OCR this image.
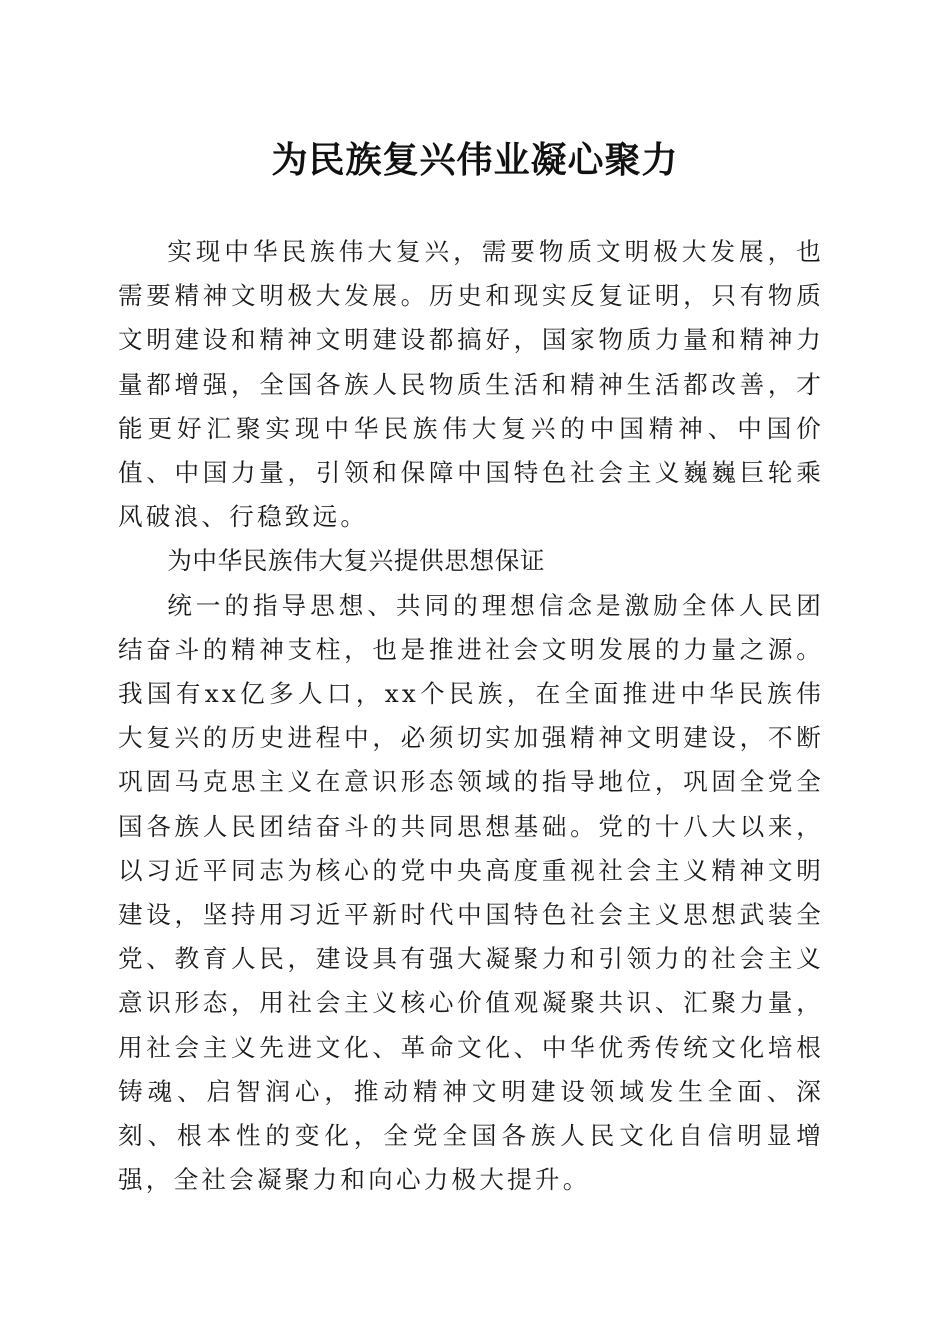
为民族复兴伟业凝心聚力

实现中华民族伟大复兴，需要物质文明极大发展，也需要精神文明极大发展。历史和现实反复证明，只有物质文明建设和精神文明建设都搞好，国家物质力量和精神力量都增强，全国各族人民物质生活和精神生活都改善，才能更好汇聚实现中华民族伟大复兴的中国精神、中国价值、中国力量，引领和保障中国特色社会主义巍巍巨轮乘风破浪、行稳致远。

为中华民族伟大复兴提供思想保证

统一的指导思想、共同的理想信念是激励全体人民团结奋斗的精神支柱，也是推进社会文明发展的力量之源。我国有xx亿多人口，xx个民族，在全面推进中华民族伟大复兴的历史进程中，必须切实加强精神文明建设，不断巩固马克思主义在意识形态领域的指导地位，巩固全党全国各族人民团结奋斗的共同思想基础。党的十八大以来，以习近平同志为核心的党中央高度重视社会主义精神文明建设，坚持用习近平新时代中国特色社会主义思想武装全党、教育人民，建设具有强大凝聚力和引领力的社会主义意识形态，用社会主义核心价值观凝聚共识、汇聚力量，用社会主义先进文化、革命文化、中华优秀传统文化培根铸魂、启智润心，推动精神文明建设领域发生全面、深刻、根本性的变化，全党全国各族人民文化自信明显增强，全社会凝聚力和向心力极大提升。
